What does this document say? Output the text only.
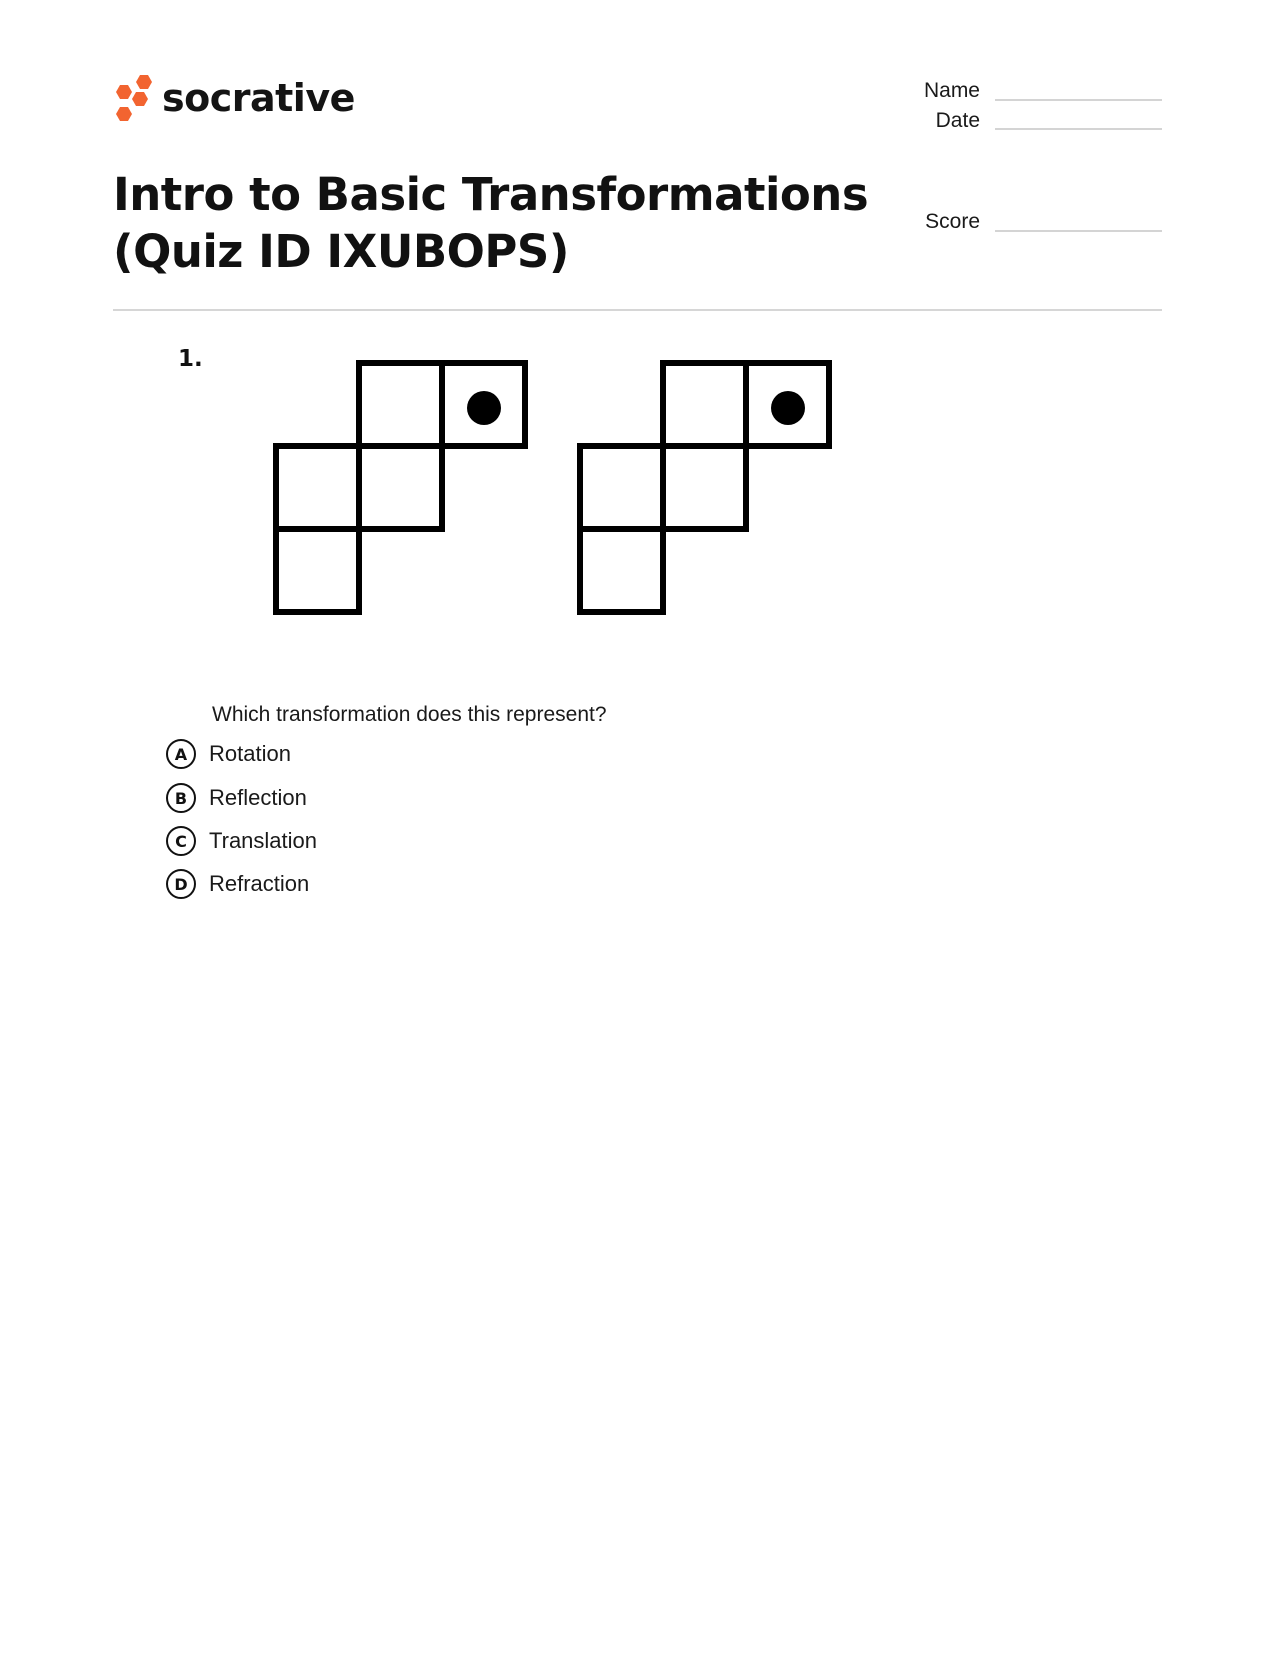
socrative	Name
Date
Score
Intro to Basic Transformations
(Quiz ID IXUBOPS)
1.
Which transformation does this represent?
A Rotation
B Reflection
C	Translation
D Refraction
